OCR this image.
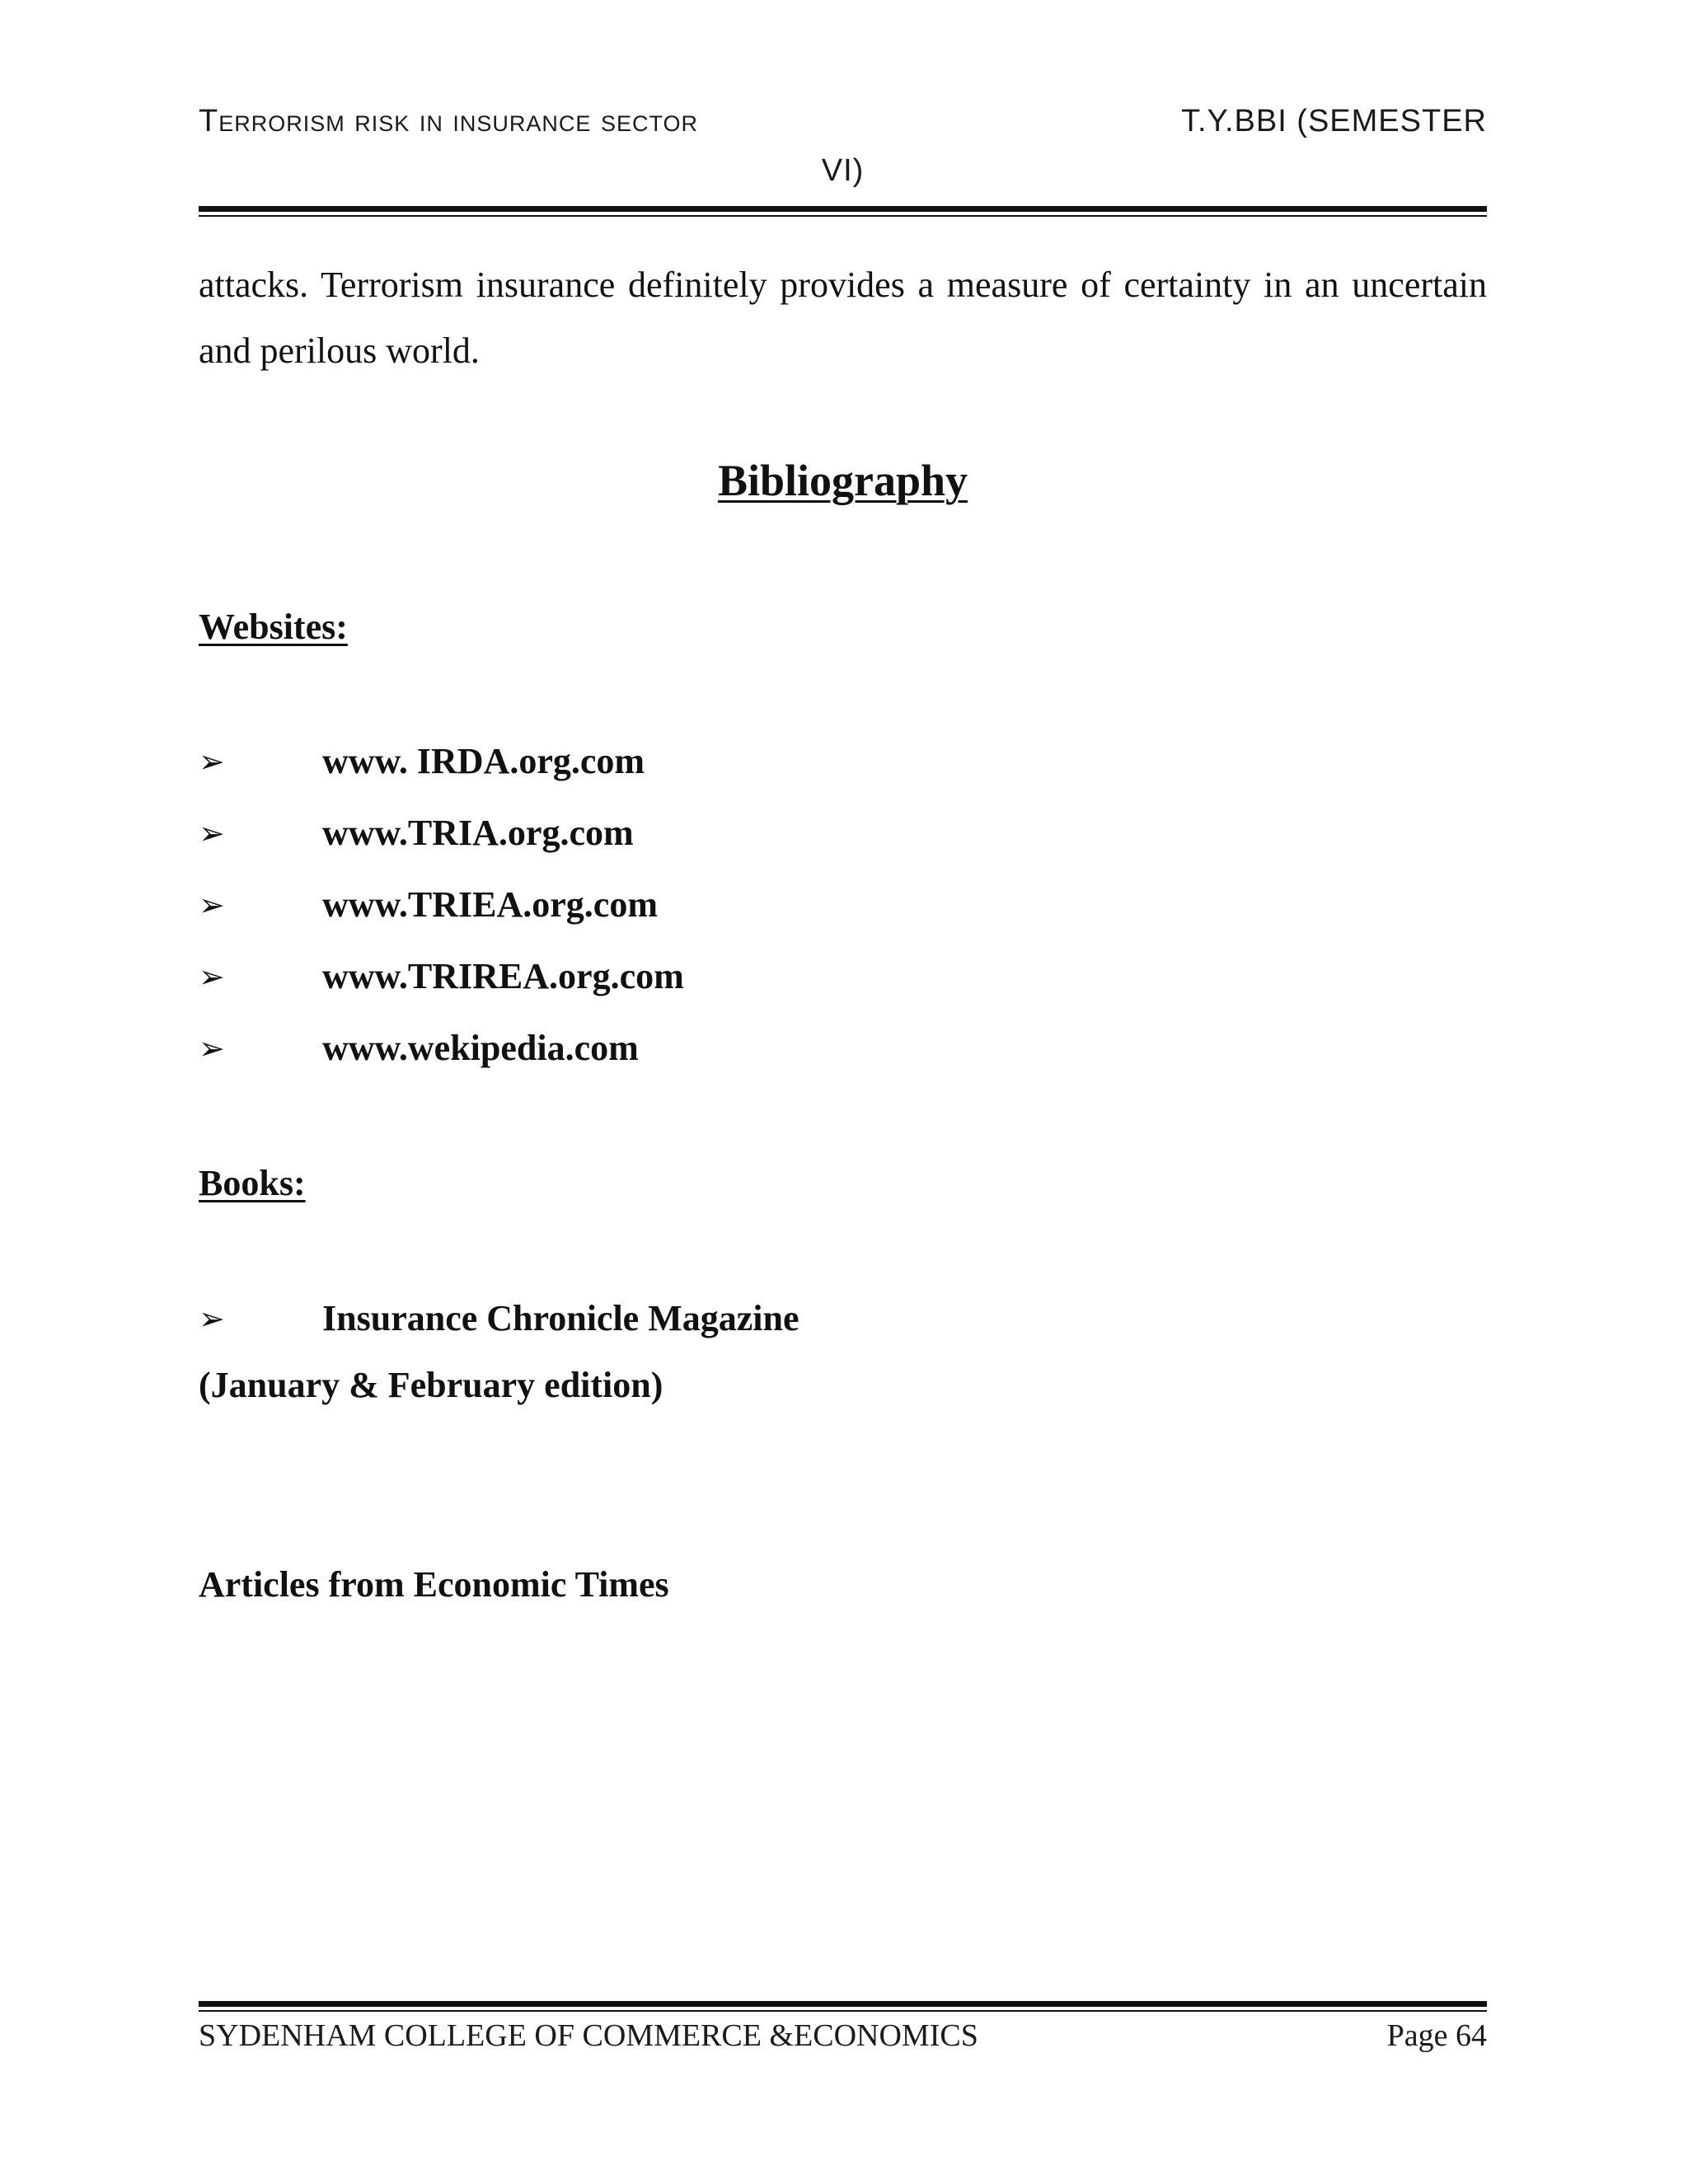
Terrorism risk in insurance sector	T.Y.BBI (SEMESTER
VI)

attacks. Terrorism insurance definitely provides a measure of certainty in an uncertain and perilous world.

Bibliography
Websites:
➢	www. IRDA.org.com
➢	www.TRIA.org.com
➢	www.TRIEA.org.com
➢	www.TRIREA.org.com
➢	www.wekipedia.com
Books:
➢	Insurance Chronicle Magazine
(January & February edition)
Articles from Economic Times
SYDENHAM COLLEGE OF COMMERCE &ECONOMICS	Page 64
